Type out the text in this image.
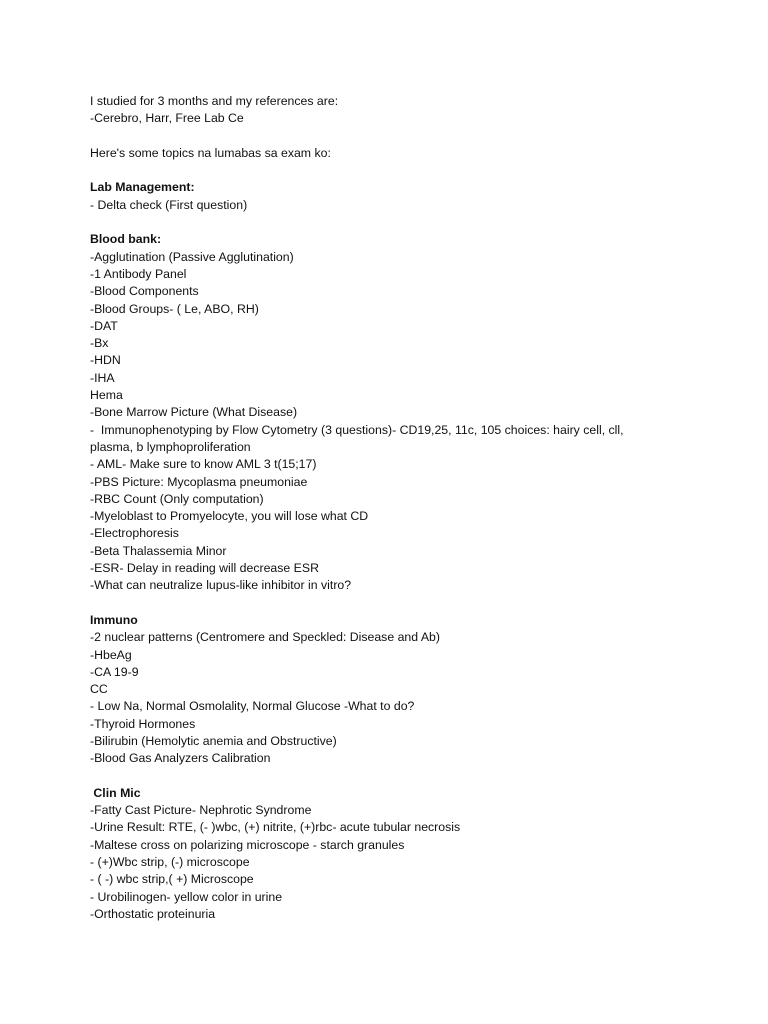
I studied for 3 months and my references are:
-Cerebro, Harr, Free Lab Ce
Here's some topics na lumabas sa exam ko:
Lab Management:
- Delta check (First question)
Blood bank:
-Agglutination (Passive Agglutination)
-1 Antibody Panel
-Blood Components
-Blood Groups- ( Le, ABO, RH)
-DAT
-Bx
-HDN
-IHA
Hema
-Bone Marrow Picture (What Disease)
-  Immunophenotyping by Flow Cytometry (3 questions)- CD19,25, 11c, 105 choices: hairy cell, cll,
plasma, b lymphoproliferation
- AML- Make sure to know AML 3 t(15;17)
-PBS Picture: Mycoplasma pneumoniae
-RBC Count (Only computation)
-Myeloblast to Promyelocyte, you will lose what CD
-Electrophoresis
-Beta Thalassemia Minor
-ESR- Delay in reading will decrease ESR
-What can neutralize lupus-like inhibitor in vitro?
Immuno
-2 nuclear patterns (Centromere and Speckled: Disease and Ab)
-HbeAg
-CA 19-9
CC
- Low Na, Normal Osmolality, Normal Glucose -What to do?
-Thyroid Hormones
-Bilirubin (Hemolytic anemia and Obstructive)
-Blood Gas Analyzers Calibration
Clin Mic
-Fatty Cast Picture- Nephrotic Syndrome
-Urine Result: RTE, (- )wbc, (+) nitrite, (+)rbc- acute tubular necrosis
-Maltese cross on polarizing microscope - starch granules
- (+)Wbc strip, (-) microscope
- ( -) wbc strip,( +) Microscope
- Urobilinogen- yellow color in urine
-Orthostatic proteinuria
